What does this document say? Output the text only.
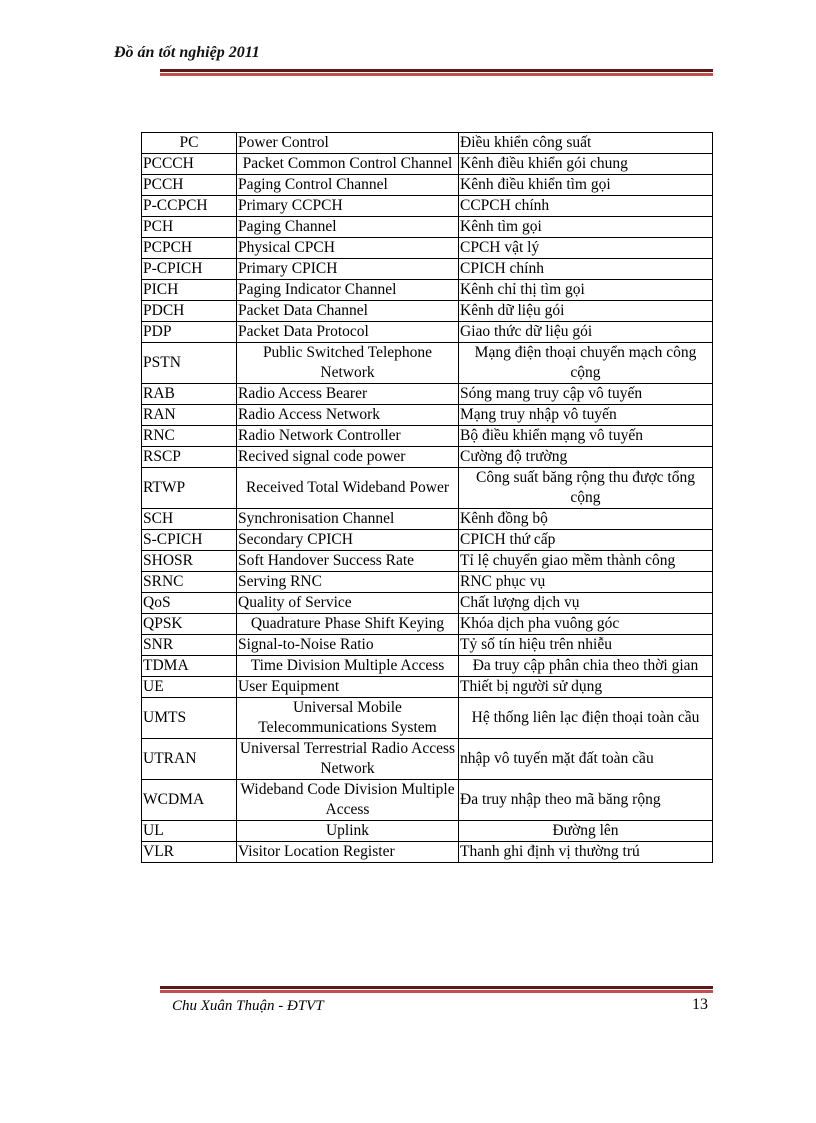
Đồ án tốt nghiệp 2011
PC	Power Control	Điều khiển công suất
PCCCH	Packet Common Control Channel	Kênh điều khiển gói chung
PCCH	Paging Control Channel	Kênh điều khiển tìm gọi
P-CCPCH	Primary CCPCH	CCPCH chính
PCH	Paging Channel	Kênh tìm gọi
PCPCH	Physical CPCH	CPCH vật lý
P-CPICH	Primary CPICH	CPICH chính
PICH	Paging Indicator Channel	Kênh chỉ thị tìm gọi
PDCH	Packet Data Channel	Kênh dữ liệu gói
PDP	Packet Data Protocol	Giao thức dữ liệu gói
PSTN	Public Switched Telephone Network	Mạng điện thoại chuyển mạch công cộng
RAB	Radio Access Bearer	Sóng mang truy cập vô tuyến
RAN	Radio Access Network	Mạng truy nhập vô tuyến
RNC	Radio Network Controller	Bộ điều khiển mạng vô tuyến
RSCP	Recived signal code power	Cường độ trường
RTWP	Received Total Wideband Power	Công suất băng rộng thu được tổng cộng
SCH	Synchronisation Channel	Kênh đồng bộ
S-CPICH	Secondary CPICH	CPICH thứ cấp
SHOSR	Soft Handover Success Rate	Tỉ lệ chuyển giao mềm thành công
SRNC	Serving RNC	RNC phục vụ
QoS	Quality of Service	Chất lượng dịch vụ
QPSK	Quadrature Phase Shift Keying	Khóa dịch pha vuông góc
SNR	Signal-to-Noise Ratio	Tỷ số tín hiệu trên nhiễu
TDMA	Time Division Multiple Access	Đa truy cập phân chia theo thời gian
UE	User Equipment	Thiết bị người sử dụng
UMTS	Universal Mobile Telecommunications System	Hệ thống liên lạc điện thoại toàn cầu
UTRAN	Universal Terrestrial Radio Access Network	nhập vô tuyến mặt đất toàn cầu
WCDMA	Wideband Code Division Multiple Access	Đa truy nhập theo mã băng rộng
UL	Uplink	Đường lên
VLR	Visitor Location Register	Thanh ghi định vị thường trú
Chu Xuân Thuận - ĐTVT	13
